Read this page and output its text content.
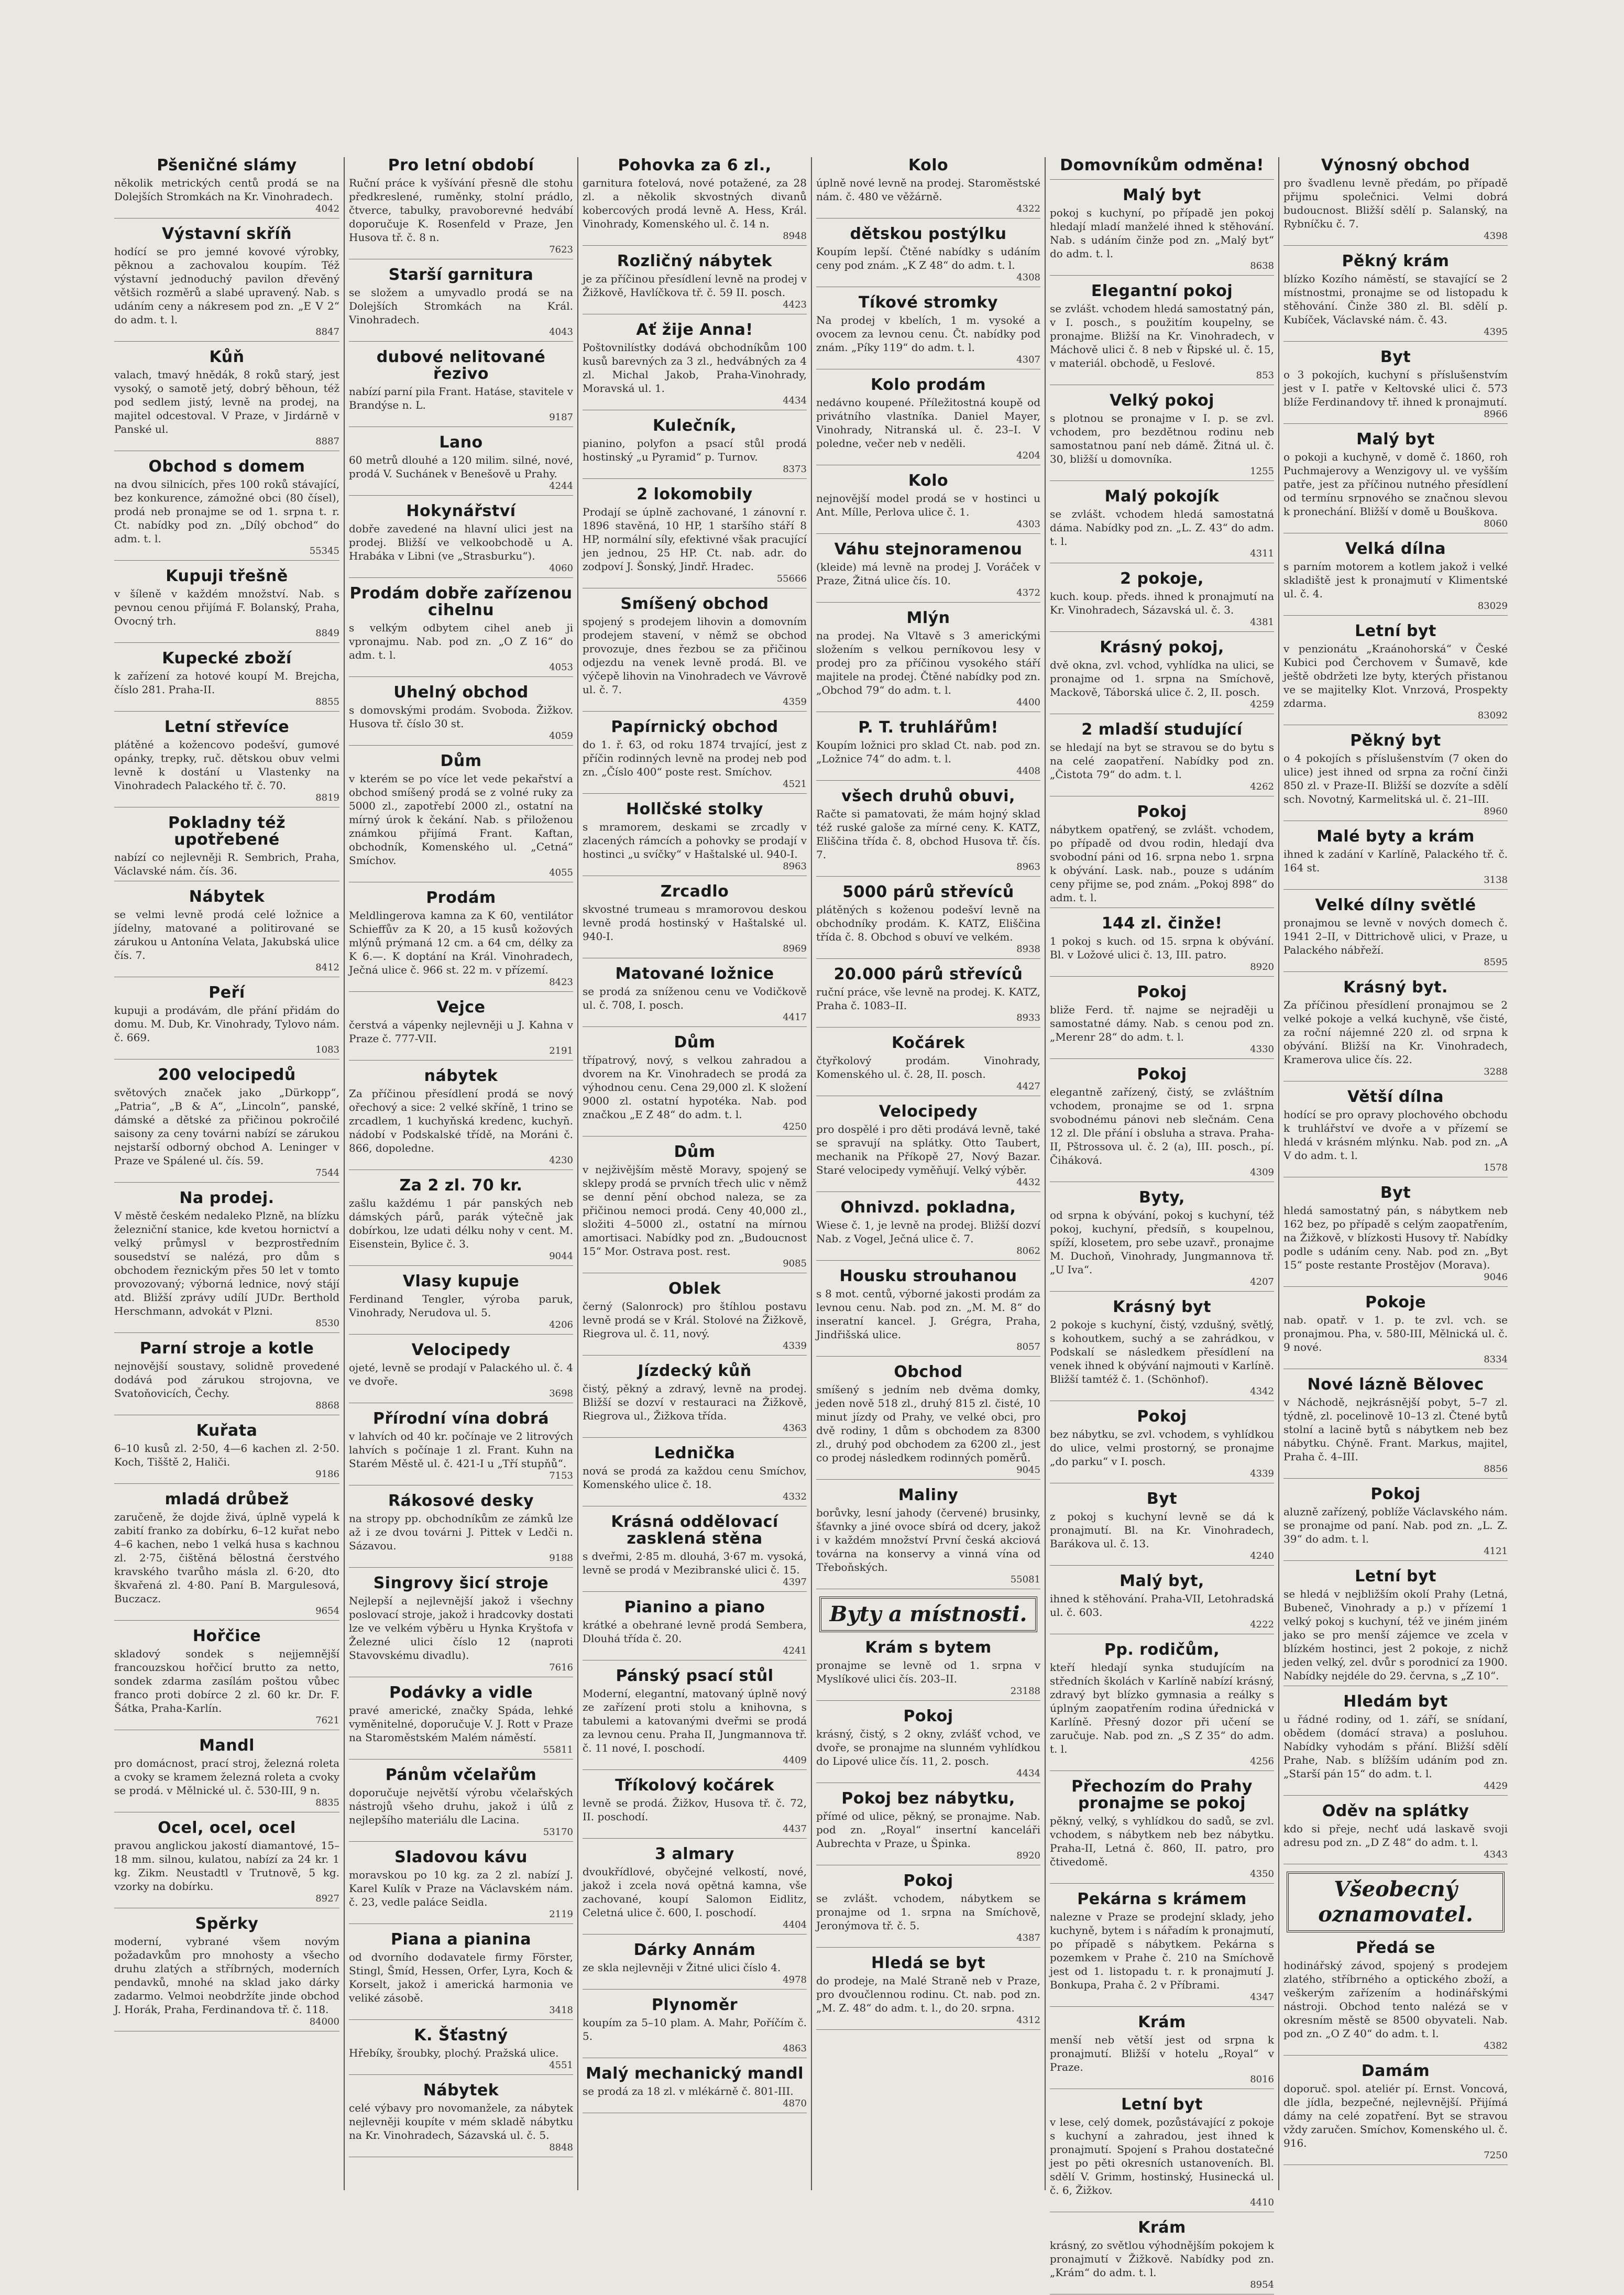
Pšeničné slámy

několik metrických centů prodá se na Dolejších Stromkách na Kr. Vinohradech.

4042
Výstavní skříň

hodící se pro jemné kovové výrobky, pěknou a zachovalou koupím. Též výstavní jednoduchý pavilon dřevěný většich rozměrů a slabé upravený. Nab. s udáním ceny a nákresem pod zn. „E V 2“ do adm. t. l.

8847
Kůň

valach, tmavý hnědák, 8 roků starý, jest vysoký, o samotě jetý, dobrý běhoun, též pod sedlem jistý, levně na prodej, na majitel odcestoval. V Praze, v Jirdárně v Panské ul.

8887
Obchod s domem

na dvou silnicích, přes 100 roků stávající, bez konkurence, zámožné obci (80 čísel), prodá neb pronajme se od 1. srpna t. r. Ct. nabídky pod zn. „Dílý obchod“ do adm. t. l.

55345
Kupuji třešně

v šíleně v každém množství. Nab. s pevnou cenou přijímá F. Bolanský, Praha, Ovocný trh.

8849
Kupecké zboží

k zařízení za hotové koupí M. Brejcha, číslo 281. Praha-II.

8855
Letní střevíce

plátěné a kožencovo podešví, gumové opánky, trepky, ruč. dětskou obuv velmi levně k dostání u Vlastenky na Vinohradech Palackého tř. č. 70.

8819
Pokladny též upotřebené

nabízí co nejlevněji R. Sembrich, Praha, Václavské nám. čís. 36.

Nábytek

se velmi levně prodá celé ložnice a jídelny, matované a politirované se zárukou u Antonína Velata, Jakubská ulice čís. 7.

8412
Peří

kupuji a prodávám, dle přání přidám do domu. M. Dub, Kr. Vinohrady, Tylovo nám. č. 669.

1083
200 velocipedů

světových značek jako „Dürkopp“, „Patria“, „B & A“, „Lincoln“, panské, dámské a dětské za přičinou pokročilé saisony za ceny továrni nabízí se zárukou nejstarší odborný obchod A. Leninger v Praze ve Spálené ul. čís. 59.

7544
Na prodej.

V městě českém nedaleko Plzně, na blízku železniční stanice, kde kvetou hornictví a velký průmysl v bezprostředním sousedství se nalézá, pro dům s obchodem řeznickým přes 50 let v tomto provozovaný; výborná lednice, nový stájí atd. Bližší zprávy udílí JUDr. Berthold Herschmann, advokát v Plzni.

8530
Parní stroje a kotle

nejnovější soustavy, solidně provedené dodává pod zárukou strojovna, ve Svatoňovicích, Čechy.

8868
Kuřata

6–10 kusů zl. 2·50, 4—6 kachen zl. 2·50. Koch, Tišště 2, Haliči.

9186
mladá drůbež

zaručeně, že dojde živá, úplně vypelá k zabití franko za dobírku, 6–12 kuřat nebo 4–6 kachen, nebo 1 velká husa s kachnou zl. 2·75, čištěná bělostná čerstvého kravského tvarůho másla zl. 6·20, dto škvařená zl. 4·80. Paní B. Margulesová, Buczacz.

9654
Hořčice

skladový sondek s nejjemnější francouzskou hořčicí brutto za netto, sondek zdarma zasílám poštou vůbec franco proti dobírce 2 zl. 60 kr. Dr. F. Šátka, Praha-Karlín.

7621
Mandl

pro domácnost, prací stroj, železná roleta a cvoky se kramem železná roleta a cvoky se prodá. v Mělnické ul. č. 530-III, 9 n.

8835
Ocel, ocel, ocel

pravou anglickou jakostí diamantové, 15–18 mm. silnou, kulatou, nabízí za 24 kr. 1 kg. Zikm. Neustadtl v Trutnově, 5 kg. vzorky na dobírku.

8927
Spěrky

moderní, vybrané všem novým požadavkům pro mnohosty a všecho druhu zlatých a stříbrných, moderních pendavků, mnohé na sklad jako dárky zadarmo. Velmoi neobdržíte jinde obchod J. Horák, Praha, Ferdinandova tř. č. 118.

84000
Pro letní období

Ruční práce k vyšívání přesně dle stohu předkreslené, ruměnky, stolní prádlo, čtverce, tabulky, pravoborevné hedvábí doporučuje K. Rosenfeld v Praze, Jen Husova tř. č. 8 n.

7623
Starší garnitura

se složem a umyvadlo prodá se na Dolejších Stromkách na Král. Vinohradech.

4043
dubové nelitované řezivo

nabízí parní pila Frant. Hatáse, stavitele v Brandýse n. L.

9187
Lano

60 metrů dlouhé a 120 milim. silné, nové, prodá V. Suchánek v Benešově u Prahy.

4244
Hokynářství

dobře zavedené na hlavní ulici jest na prodej. Bližší ve velkoobchodě u A. Hrabáka v Libni (ve „Strasburku“).

4060
Prodám dobře zařízenou cihelnu

s velkým odbytem cihel aneb ji vpronajmu. Nab. pod zn. „O Z 16“ do adm. t. l.

4053
Uhelný obchod

s domovskými prodám. Svoboda. Žižkov. Husova tř. číslo 30 st.

4059
Dům

v kterém se po více let vede pekařství a obchod smíšený prodá se z volné ruky za 5000 zl., zapotřebí 2000 zl., ostatní na mírný úrok k čekání. Nab. s přiloženou známkou přijímá Frant. Kaftan, obchodník, Komenského ul. „Cetná“ Smíchov.

4055
Prodám

Meldlingerova kamna za K 60, ventilátor Schieffův za K 20, a 15 kusů kožových mlýnů prýmaná 12 cm. a 64 cm, délky za K 6.—. K doptání na Král. Vinohradech, Ječná ulice č. 966 st. 22 m. v přízemí.

8423
Vejce

čerstvá a vápenky nejlevněji u J. Kahna v Praze č. 777-VII.

2191
nábytek

Za příčinou přesídlení prodá se nový ořechový a sice: 2 velké skříně, 1 trino se zrcadlem, 1 kuchyňská kredenc, kuchyň. nádobí v Podskalské třídě, na Moráni č. 866, dopoledne.

4230
Za 2 zl. 70 kr.

zašlu každému 1 pár panských neb dámských párů, parák výtečně jak dobírkou, lze udati délku nohy v cent. M. Eisenstein, Bylice č. 3.

9044
Vlasy kupuje

Ferdinand Tengler, výroba paruk, Vinohrady, Nerudova ul. 5.

4206
Velocipedy

ojeté, levně se prodají v Palackého ul. č. 4 ve dvoře.

3698
Přírodní vína dobrá

v lahvích od 40 kr. počínaje ve 2 litrových lahvích s počínaje 1 zl. Frant. Kuhn na Starém Městě ul. č. 421-I u „Tří stupňů“.

7153
Rákosové desky

na stropy pp. obchodníkům ze zámků lze až i ze dvou továrni J. Pittek v Ledči n. Sázavou.

9188
Singrovy šicí stroje

Nejlepší a nejlevnější jakož i všechny poslovací stroje, jakož i hradcovky dostati lze ve velkém výběru u Hynka Kryštofa v Železné ulici číslo 12 (naproti Stavovskému divadlu).

7616
Podávky a vidle

pravé americké, značky Spáda, lehké vyměnitelné, doporučuje V. J. Rott v Praze na Staroměstském Malém náměstí.

55811
Pánům včelařům

doporučuje největší výrobu včelařských nástrojů všeho druhu, jakož i úlů z nejlepšího materiálu dle Lacina.

53170
Sladovou kávu

moravskou po 10 kg. za 2 zl. nabízí J. Karel Kulík v Praze na Václavském nám. č. 23, vedle paláce Seidla.

2119
Piana a pianina

od dvorního dodavatele firmy Förster, Stingl, Šmíd, Hessen, Orfer, Lyra, Koch & Korselt, jakož i americká harmonia ve veliké zásobě.

3418
K. Šťastný

Hřebíky, šroubky, plochý. Pražská ulice.

4551
Nábytek

celé výbavy pro novomanžele, za nábytek nejlevněji koupíte v mém skladě nábytku na Kr. Vinohradech, Sázavská ul. č. 5.

8848
Pohovka za 6 zl.,

garnitura fotelová, nové potažené, za 28 zl. a několik skvostných divanů kobercových prodá levně A. Hess, Král. Vinohrady, Komenského ul. č. 14 n.

8948
Rozličný nábytek

je za příčinou přesídlení levně na prodej v Žižkově, Havlíčkova tř. č. 59 II. posch.

4423
Ať žije Anna!

Poštovnilístky dodává obchodníkům 100 kusů barevných za 3 zl., hedvábných za 4 zl. Michal Jakob, Praha-Vinohrady, Moravská ul. 1.

4434
Kulečník,

pianino, polyfon a psací stůl prodá hostinský „u Pyramid“ p. Turnov.

8373
2 lokomobily

Prodají se úplně zachované, 1 zánovní r. 1896 stavěná, 10 HP, 1 staršího stáří 8 HP, normální síly, efektivné však pracující jen jednou, 25 HP. Ct. nab. adr. do zodpoví J. Šonský, Jindř. Hradec.

55666
Smíšený obchod

spojený s prodejem lihovin a domovním prodejem stavení, v němž se obchod provozuje, dnes řezbou se za přičinou odjezdu na venek levně prodá. Bl. ve výčepě lihovin na Vinohradech ve Vávrově ul. č. 7.

4359
Papírnický obchod

do 1. ř. 63, od roku 1874 trvající, jest z příčin rodinných levně na prodej neb pod zn. „Číslo 400“ poste rest. Smíchov.

4521
Hollčské stolky

s mramorem, deskami se zrcadly v zlacených rámcích a pohovky se prodají v hostinci „u svíčky“ v Haštalské ul. 940-I.

8963
Zrcadlo

skvostné trumeau s mramorovou deskou levně prodá hostinský v Haštalské ul. 940-I.

8969
Matované ložnice

se prodá za sníženou cenu ve Vodičkově ul. č. 708, I. posch.

4417
Dům

třípatrový, nový, s velkou zahradou a dvorem na Kr. Vinohradech se prodá za výhodnou cenu. Cena 29,000 zl. K složení 9000 zl. ostatní hypotéka. Nab. pod značkou „E Z 48“ do adm. t. l.

4250
Dům

v nejživějším městě Moravy, spojený se sklepy prodá se prvních třech ulic v němž se denní pění obchod naleza, se za přičinou nemoci prodá. Ceny 40,000 zl., složiti 4–5000 zl., ostatní na mírnou amortisaci. Nabídky pod zn. „Budoucnost 15“ Mor. Ostrava post. rest.

9085
Oblek

černý (Salonrock) pro štíhlou postavu levně prodá se v Král. Stolové na Žižkově, Riegrova ul. č. 11, nový.

4339
Jízdecký kůň

čistý, pěkný a zdravý, levně na prodej. Bližší se dozví v restauraci na Žižkově, Riegrova ul., Žižkova třída.

4363
Lednička

nová se prodá za každou cenu Smíchov, Komenského ulice č. 18.

4332
Krásná oddělovací zasklená stěna

s dveřmi, 2·85 m. dlouhá, 3·67 m. vysoká, levně se prodá v Mezibranské ulici č. 15.

4397
Pianino a piano

krátké a obehrané levně prodá Sembera, Dlouhá třída č. 20.

4241
Pánský psací stůl

Moderní, elegantní, matovaný úplně nový ze zařízení proti stolu a knihovna, s tabulemi a katovanými dveřmi se prodá za levnou cenu. Praha II, Jungmannova tř. č. 11 nové, I. poschodí.

4409
Tříkolový kočárek

levně se prodá. Žižkov, Husova tř. č. 72, II. poschodí.

4437
3 almary

dvoukřídlové, obyčejné velkostí, nové, jakož i zcela nová opětná kamna, vše zachované, koupí Salomon Eidlitz, Celetná ulice č. 600, I. poschodí.

4404
Dárky Annám

ze skla nejlevněji v Žitné ulici číslo 4.

4978
Plynoměr

koupím za 5–10 plam. A. Mahr, Poříčím č. 5.

4863
Malý mechanický mandl

se prodá za 18 zl. v mlékárně č. 801-III.

4870
Kolo

úplně nové levně na prodej. Staroměstské nám. č. 480 ve věžárně.

4322
dětskou postýlku

Koupím lepší. Čtěné nabídky s udáním ceny pod znám. „K Z 48“ do adm. t. l.

4308
Tíkové stromky

Na prodej v kbelích, 1 m. vysoké a ovocem za levnou cenu. Čt. nabídky pod znám. „Píky 119“ do adm. t. l.

4307
Kolo prodám

nedávno koupené. Příležitostná koupě od privátního vlastníka. Daniel Mayer, Vinohrady, Nitranská ul. č. 23–I. V poledne, večer neb v neděli.

4204
Kolo

nejnovější model prodá se v hostinci u Ant. Mílle, Perlova ulice č. 1.

4303
Váhu stejnoramenou

(kleide) má levně na prodej J. Voráček v Praze, Žitná ulice čís. 10.

4372
Mlýn

na prodej. Na Vltavě s 3 americkými složením s velkou perníkovou lesy v prodej pro za příčinou vysokého stáří majitele na prodej. Čtěné nabídky pod zn. „Obchod 79“ do adm. t. l.

4400
P. T. truhlářům!

Koupím ložnici pro sklad Ct. nab. pod zn. „Ložnice 74“ do adm. t. l.

4408
všech druhů obuvi,

Račte si pamatovati, že mám hojný sklad též ruské galoše za mírné ceny. K. KATZ, Eliščina třída č. 8, obchod Husova tř. čís. 7.

8963
5000 párů střevíců

plátěných s koženou podešví levně na obchodníky prodám. K. KATZ, Eliščina třída č. 8. Obchod s obuví ve velkém.

8938
20.000 párů střevíců

ruční práce, vše levně na prodej. K. KATZ, Praha č. 1083–II.

8933
Kočárek

čtyřkolový prodám. Vinohrady, Komenského ul. č. 28, II. posch.

4427
Velocipedy

pro dospělé i pro děti prodává levně, také se spravují na splátky. Otto Taubert, mechanik na Příkopě 27, Nový Bazar. Staré velocipedy vyměňují. Velký výběr.

4432
Ohnivzd. pokladna,

Wiese č. 1, je levně na prodej. Bližší dozví Nab. z Vogel, Ječná ulice č. 7.

8062
Housku strouhanou

s 8 mot. centů, výborné jakosti prodám za levnou cenu. Nab. pod zn. „M. M. 8“ do inseratní kancel. J. Grégra, Praha, Jindřišská ulice.

8057
Obchod

smíšený s jedním neb dvěma domky, jeden nově 518 zl., druhý 815 zl. čisté, 10 minut jízdy od Prahy, ve velké obci, pro dvě rodiny, 1 dům s obchodem za 8300 zl., druhý pod obchodem za 6200 zl., jest co prodej následkem rodinných poměrů.

9045
Maliny

borůvky, lesní jahody (červené) brusinky, šťavnky a jiné ovoce sbírá od dcery, jakož i v každém množství První česká akciová továrna na konservy a vinná vína od Třeboňských.

55081
Byty a místnosti.
Krám s bytem

pronajme se levně od 1. srpna v Myslíkové ulici čís. 203–II.

23188
Pokoj

krásný, čistý, s 2 okny, zvlášť vchod, ve dvoře, se pronajme na slunném vyhlídkou do Lipové ulice čís. 11, 2. posch.

4434
Pokoj bez nábytku,

přímé od ulice, pěkný, se pronajme. Nab. pod zn. „Royal“ insertní kanceláři Aubrechta v Praze, u Špinka.

8920
Pokoj

se zvlášt. vchodem, nábytkem se pronajme od 1. srpna na Smíchově, Jeronýmova tř. č. 5.

4387
Hledá se byt

do prodeje, na Malé Straně neb v Praze, pro dvoučlennou rodinu. Ct. nab. pod zn. „M. Z. 48“ do adm. t. l., do 20. srpna.

4312
Domovníkům odměna!
Malý byt

pokoj s kuchyní, po případě jen pokoj hledají mladí manželé ihned k stěhování. Nab. s udáním činže pod zn. „Malý byt“ do adm. t. l.

8638
Elegantní pokoj

se zvlášt. vchodem hledá samostatný pán, v I. posch., s použitím koupelny, se pronajme. Bližší na Kr. Vinohradech, v Máchově ulici č. 8 neb v Řipské ul. č. 15, v materiál. obchodě, u Feslové.

853
Velký pokoj

s plotnou se pronajme v I. p. se zvl. vchodem, pro bezdětnou rodinu neb samostatnou paní neb dámě. Žitná ul. č. 30, bližší u domovníka.

1255
Malý pokojík

se zvlášt. vchodem hledá samostatná dáma. Nabídky pod zn. „L. Z. 43“ do adm. t. l.

4311
2 pokoje,

kuch. koup. předs. ihned k pronajmutí na Kr. Vinohradech, Sázavská ul. č. 3.

4381
Krásný pokoj,

dvě okna, zvl. vchod, vyhlídka na ulici, se pronajme od 1. srpna na Smíchově, Mackově, Táborská ulice č. 2, II. posch.

4259
2 mladší studující

se hledají na byt se stravou se do bytu s na celé zaopatření. Nabídky pod zn. „Čistota 79“ do adm. t. l.

4262
Pokoj

nábytkem opatřený, se zvlášt. vchodem, po případě od dvou rodin, hledají dva svobodní páni od 16. srpna nebo 1. srpna k obývání. Lask. nab., pouze s udáním ceny přijme se, pod znám. „Pokoj 898“ do adm. t. l.

144 zl. činže!

1 pokoj s kuch. od 15. srpna k obývání. Bl. v Ložové ulici č. 13, III. patro.

8920
Pokoj

bliže Ferd. tř. najme se nejraději u samostatné dámy. Nab. s cenou pod zn. „Merenr 28“ do adm. t. l.

4330
Pokoj

elegantně zařízený, čistý, se zvláštním vchodem, pronajme se od 1. srpna svobodnému pánovi neb slečnám. Cena 12 zl. Dle přání i obsluha a strava. Praha-II, Pštrossova ul. č. 2 (a), III. posch., pí. Čiháková.

4309
Byty,

od srpna k obývání, pokoj s kuchyní, též pokoj, kuchyní, předsíň, s koupelnou, spíží, klosetem, pro sebe uzavř., pronajme M. Duchoň, Vinohrady, Jungmannova tř. „U Iva“.

4207
Krásný byt

2 pokoje s kuchyní, čistý, vzdušný, světlý, s kohoutkem, suchý a se zahrádkou, v Podskalí se následkem přesídlení na venek ihned k obývání najmouti v Karlíně. Bližší tamtéž č. 1. (Schönhof).

4342
Pokoj

bez nábytku, se zvl. vchodem, s vyhlídkou do ulice, velmi prostorný, se pronajme „do parku“ v I. posch.

4339
Byt

z pokoj s kuchyní levně se dá k pronajmutí. Bl. na Kr. Vinohradech, Barákova ul. č. 13.

4240
Malý byt,

ihned k stěhování. Praha-VII, Letohradská ul. č. 603.

4222
Pp. rodičům,

kteří hledají synka studujícím na středních školách v Karlíně nabízí krásný, zdravý byt blízko gymnasia a reálky s úplným zaopatřením rodina úřednická v Karlíně. Přesný dozor při učení se zaručuje. Nab. pod zn. „S Z 35“ do adm. t. l.

4256
Přechozím do Prahy pronajme se pokoj

pěkný, velký, s vyhlídkou do sadů, se zvl. vchodem, s nábytkem neb bez nábytku. Praha-II, Letná č. 860, II. patro, pro čtivedomě.

4350
Pekárna s krámem

nalezne v Praze se prodejní sklady, jeho kuchyně, bytem i s nářadím k pronajmutí, po případě s nábytkem. Pekárna s pozemkem v Prahe č. 210 na Smíchově jest od 1. listopadu t. r. k pronajmutí J. Bonkupa, Praha č. 2 v Příbrami.

4347
Krám

menší neb větší jest od srpna k pronajmutí. Bližší v hotelu „Royal“ v Praze.

8016
Letní byt

v lese, celý domek, pozůstávající z pokoje s kuchyní a zahradou, jest ihned k pronajmutí. Spojení s Prahou dostatečné jest po pěti okresních ustanoveních. Bl. sdělí V. Grimm, hostinský, Husinecká ul. č. 6, Žižkov.

4410
Krám

krásný, zo světlou výhodnějším pokojem k pronajmutí v Žižkově. Nabídky pod zn. „Krám“ do adm. t. l.

8954
Výnosný obchod

pro švadlenu levně předám, po případě přijmu společnici. Velmi dobrá budoucnost. Bližší sdělí p. Salanský, na Rybníčku č. 7.

4398
Pěkný krám

blízko Kozího náměstí, se stavající se 2 místnostmi, pronajme se od listopadu k stěhování. Činže 380 zl. Bl. sdělí p. Kubíček, Václavské nám. č. 43.

4395
Byt

o 3 pokojích, kuchyní s příslušenstvím jest v I. patře v Keltovské ulici č. 573 blíže Ferdinandovy tř. ihned k pronajmutí.

8966
Malý byt

o pokoji a kuchyně, v domě č. 1860, roh Puchmajerovy a Wenzigovy ul. ve vyšším patře, jest za příčinou nutného přesídlení od termínu srpnového se značnou slevou k pronechání. Bližší v domě u Bouškova.

8060
Velká dílna

s parním motorem a kotlem jakož i velké skladiště jest k pronajmutí v Klimentské ul. č. 4.

83029
Letní byt

v penzionátu „Kraánohorská“ v České Kubici pod Čerchovem v Šumavě, kde ještě obdržeti lze byty, kterých přistanou ve se majitelky Klot. Vnrzová, Prospekty zdarma.

83092
Pěkný byt

o 4 pokojích s příslušenstvím (7 oken do ulice) jest ihned od srpna za roční činži 850 zl. v Praze-II. Bližší se dozvíte a sdělí sch. Novotný, Karmelitská ul. č. 21–III.

8960
Malé byty a krám

ihned k zadání v Karlíně, Palackého tř. č. 164 st.

3138
Velké dílny světlé

pronajmou se levně v nových domech č. 1941 2–II, v Dittrichově ulici, v Praze, u Palackého nábřeží.

8595
Krásný byt.

Za příčinou přesídlení pronajmou se 2 velké pokoje a velká kuchyně, vše čisté, za roční nájemné 220 zl. od srpna k obývání. Bližší na Kr. Vinohradech, Kramerova ulice čís. 22.

3288
Větší dílna

hodící se pro opravy plochového obchodu k truhlářství ve dvoře a v přízemí se hledá v krásném mlýnku. Nab. pod zn. „A V do adm. t. l.

1578
Byt

hledá samostatný pán, s nábytkem neb 162 bez, po případě s celým zaopatřením, na Žižkově, v blízkosti Husovy tř. Nabídky podle s udáním ceny. Nab. pod zn. „Byt 15“ poste restante Prostějov (Morava).

9046
Pokoje

nab. opatř. v 1. p. te zvl. vch. se pronajmou. Pha, v. 580-III, Mělnická ul. č. 9 nové.

8334
Nové lázně Bělovec

v Náchodě, nejkrásnější pobyt, 5–7 zl. týdně, zl. pocelinově 10–13 zl. Čtené bytů stolní a lacině bytů s nábytkem neb bez nábytku. Chýně. Frant. Markus, majitel, Praha č. 4–III.

8856
Pokoj

aluzně zařízený, poblíže Václavského nám. se pronajme od paní. Nab. pod zn. „L. Z. 39“ do adm. t. l.

4121
Letní byt

se hledá v nejbližším okolí Prahy (Letná, Bubeneč, Vinohrady a p.) v přízemí 1 velký pokoj s kuchyní, též ve jiném jiném jako se pro menší zájemce ve zcela v blízkém hostinci, jest 2 pokoje, z nichž jeden velký, zel. dvůr s porodnicí za 1900. Nabídky nejdéle do 29. června, s „Z 10“.

Hledám byt

u řádné rodiny, od 1. září, se snídaní, obědem (domácí strava) a posluhou. Nabídky vyhodám s přání. Bližší sdělí Prahe, Nab. s blížším udáním pod zn. „Starší pán 15“ do adm. t. l.

4429
Oděv na splátky

kdo si přeje, nechť udá laskavě svoji adresu pod zn. „D Z 48“ do adm. t. l.

4343
Všeobecný oznamovatel.
Předá se

hodinářský závod, spojený s prodejem zlatého, stříbrného a optického zboží, a veškerým zařízením a hodinářskými nástroji. Obchod tento nalézá se v okresním městě se 8500 obyvateli. Nab. pod zn. „O Z 40“ do adm. t. l.

4382
Damám

doporuč. spol. ateliér pí. Ernst. Voncová, dle jídla, bezpečné, nejlevnější. Přijímá dámy na celé zopatření. Byt se stravou vždy zaručen. Smíchov, Komenského ul. č. 916.

7250
